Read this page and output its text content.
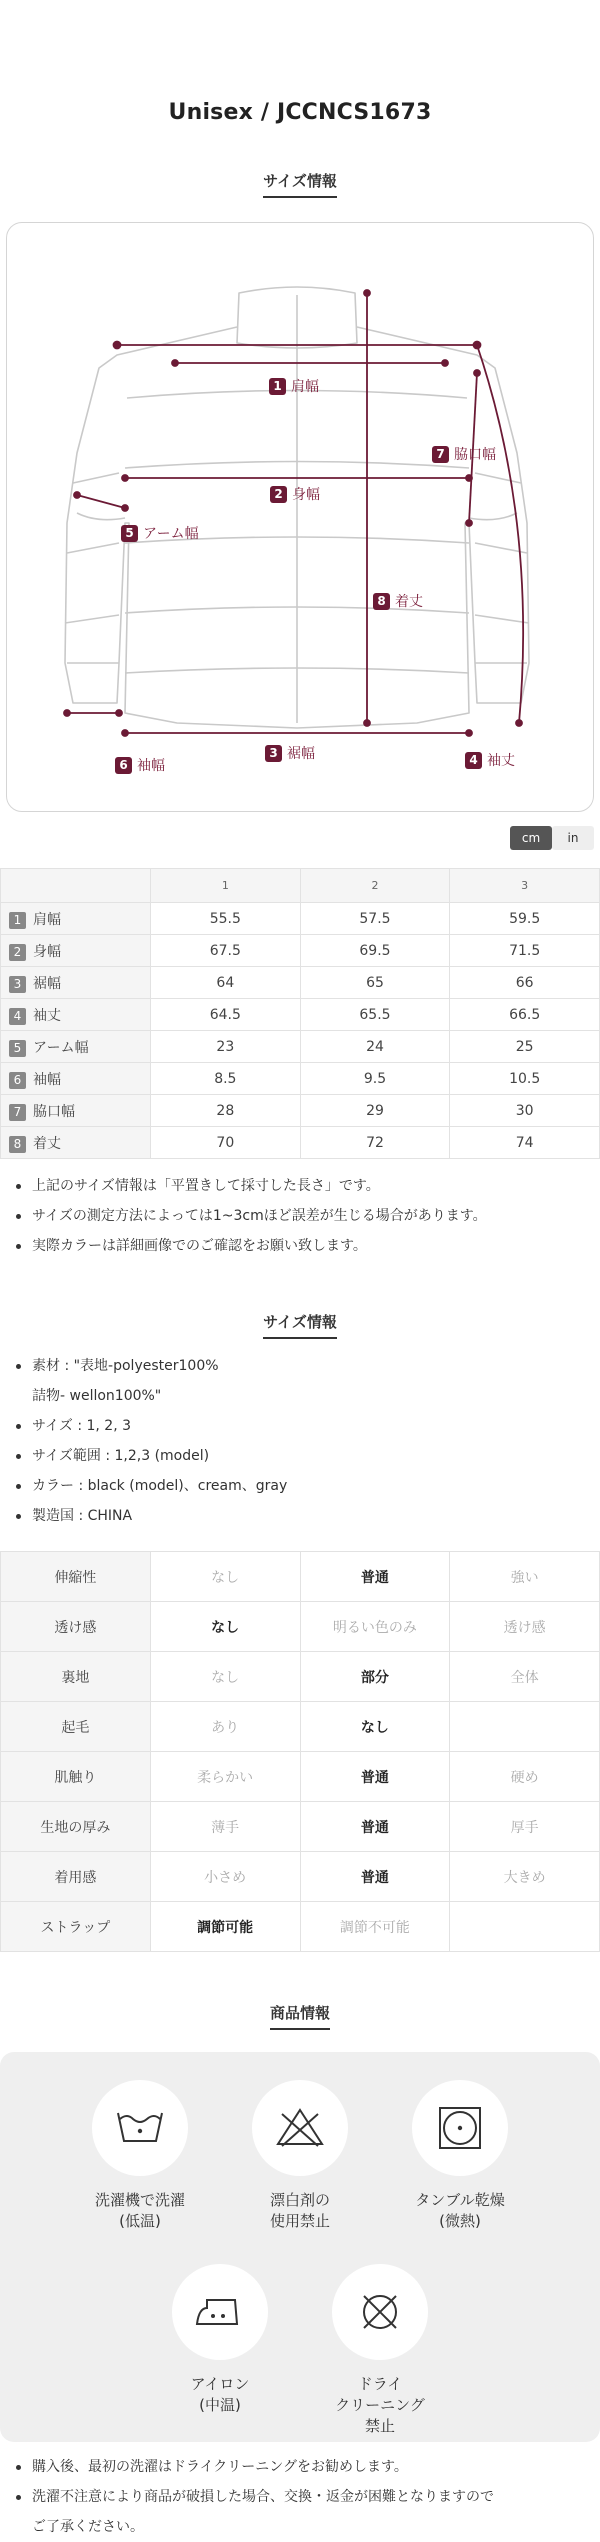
Unisex / JCCNCS1673
サイズ情報
1 肩幅
2 身幅
3 裾幅	4 袖丈
5 アーム幅
6 袖幅
7 脇口幅
8 着丈
cm	in
	1	2	3
1 肩幅	55.5	57.5	59.5
2 身幅	67.5	69.5	71.5
3 裾幅	64	65	66
4 袖丈	64.5	65.5	66.5
5 アーム幅	23	24	25
6 袖幅	8.5	9.5	10.5
7 脇口幅	28	29	30
8 着丈	70	72	74
上記のサイズ情報は「平置きして採寸した長さ」です。
サイズの測定方法によっては1~3cmほど誤差が生じる場合があります。
実際カラーは詳細画像でのご確認をお願い致します。
サイズ情報
素材 : "表地-polyester100%
詰物- wellon100%"
サイズ : 1, 2, 3
サイズ範囲 : 1,2,3 (model)
カラー : black (model)、cream、gray
製造国 : CHINA
伸縮性	なし	普通	強い
透け感	なし	明るい色のみ	透け感
裏地	なし	部分	全体
起毛	あり	なし	
肌触り	柔らかい	普通	硬め
生地の厚み	薄手	普通	厚手
着用感	小さめ	普通	大きめ
ストラップ	調節可能	調節不可能	
商品情報
洗濯機で洗濯
(低温)
漂白剤の
使用禁止
タンブル乾燥
(微熱)
アイロン
(中温)
ドライ
クリーニング
禁止
購入後、最初の洗濯はドライクリーニングをお勧めします。
洗濯不注意により商品が破損した場合、交換・返金が困難となりますので
ご了承ください。
